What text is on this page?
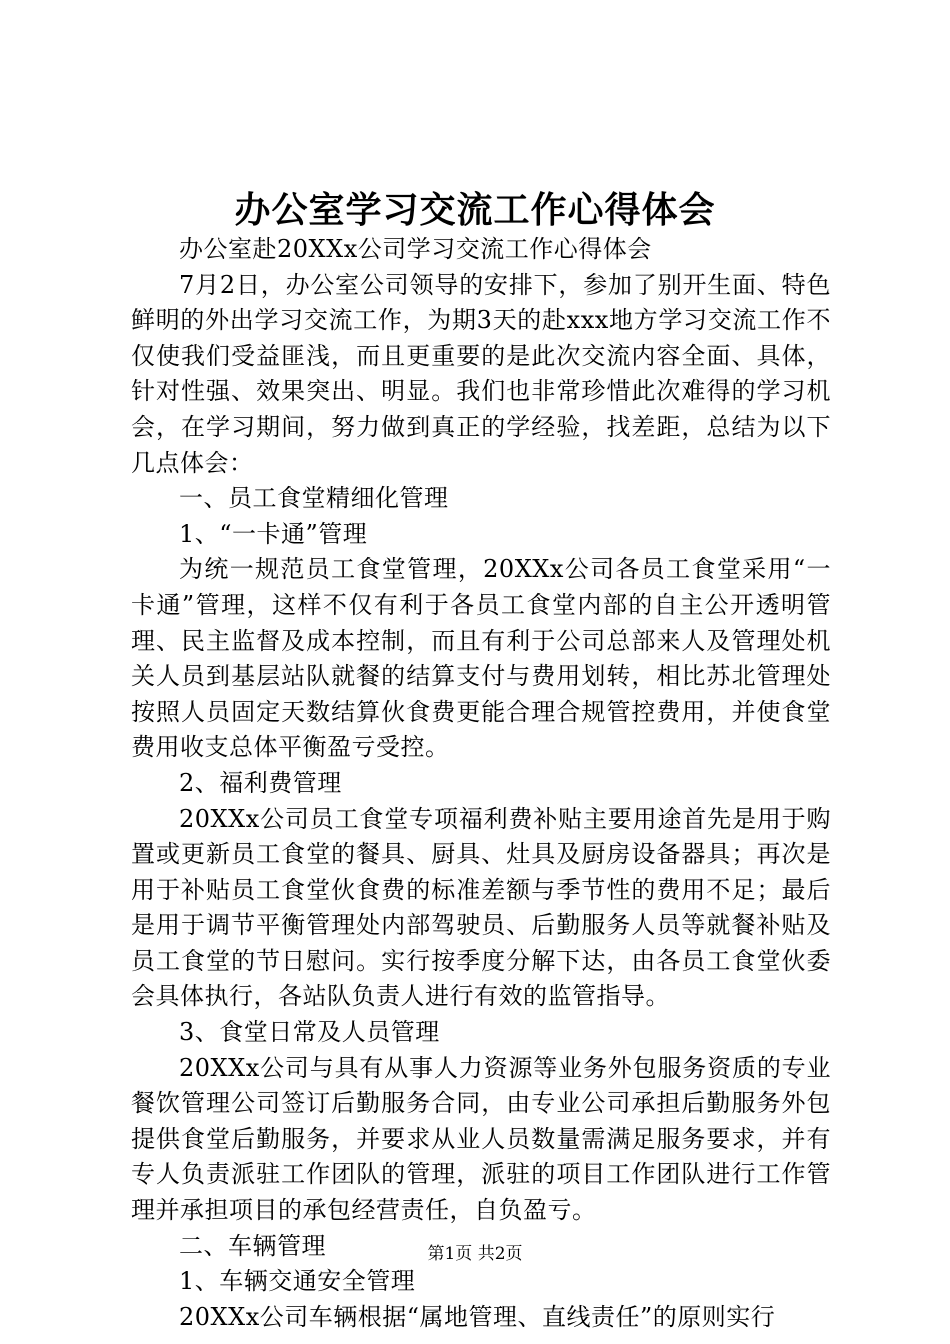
办公室学习交流工作心得体会

办公室赴20XXx公司学习交流工作心得体会

7月2日，办公室公司领导的安排下，参加了别开生面、特色鲜明的外出学习交流工作，为期3天的赴xxx地方学习交流工作不仅使我们受益匪浅，而且更重要的是此次交流内容全面、具体，针对性强、效果突出、明显。我们也非常珍惜此次难得的学习机会，在学习期间，努力做到真正的学经验，找差距，总结为以下几点体会：

一、员工食堂精细化管理

1、“一卡通”管理

为统一规范员工食堂管理，20XXx公司各员工食堂采用“一卡通”管理，这样不仅有利于各员工食堂内部的自主公开透明管理、民主监督及成本控制，而且有利于公司总部来人及管理处机关人员到基层站队就餐的结算支付与费用划转，相比苏北管理处按照人员固定天数结算伙食费更能合理合规管控费用，并使食堂费用收支总体平衡盈亏受控。

2、福利费管理

20XXx公司员工食堂专项福利费补贴主要用途首先是用于购置或更新员工食堂的餐具、厨具、灶具及厨房设备器具；再次是用于补贴员工食堂伙食费的标准差额与季节性的费用不足；最后是用于调节平衡管理处内部驾驶员、后勤服务人员等就餐补贴及员工食堂的节日慰问。实行按季度分解下达，由各员工食堂伙委会具体执行，各站队负责人进行有效的监管指导。

3、食堂日常及人员管理

20XXx公司与具有从事人力资源等业务外包服务资质的专业餐饮管理公司签订后勤服务合同，由专业公司承担后勤服务外包提供食堂后勤服务，并要求从业人员数量需满足服务要求，并有专人负责派驻工作团队的管理，派驻的项目工作团队进行工作管理并承担项目的承包经营责任，自负盈亏。

二、车辆管理

1、车辆交通安全管理

20XXx公司车辆根据“属地管理、直线责任”的原则实行

第1页 共2页
